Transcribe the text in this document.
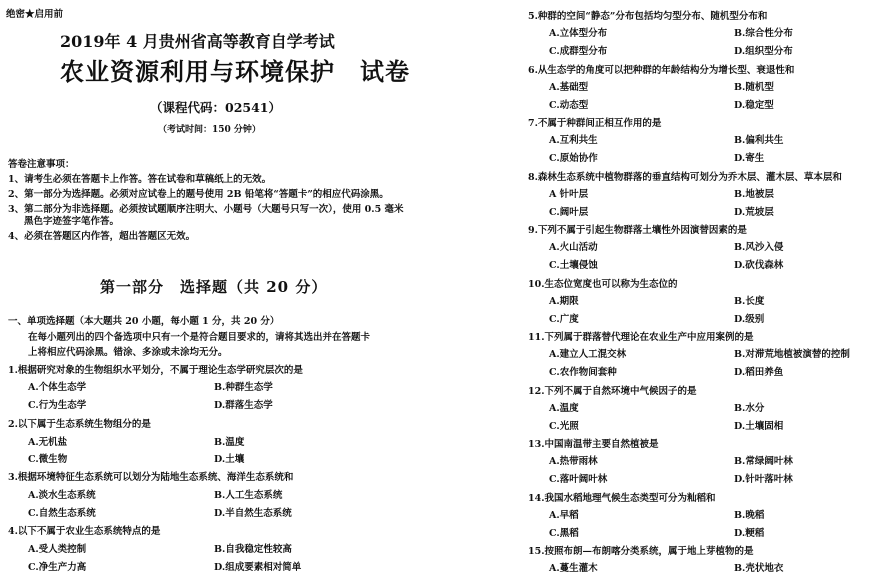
绝密★启用前
2019年 4 月贵州省高等教育自学考试
农业资源利用与环境保护　试卷
（课程代码：02541）
（考试时间：150 分钟）
答卷注意事项：
1、请考生必须在答题卡上作答。答在试卷和草稿纸上的无效。
2、第一部分为选择题。必须对应试卷上的题号使用 2B 铅笔将“答题卡”的相应代码涂黑。
3、第二部分为非选择题。必须按试题顺序注明大、小题号（大题号只写一次），使用 0.5 毫米
黑色字迹签字笔作答。
4、必须在答题区内作答，超出答题区无效。
第一部分　选择题（共 20 分）
一、单项选择题（本大题共 20 小题，每小题 1 分，共 20 分）
在每小题列出的四个备选项中只有一个是符合题目要求的，请将其选出并在答题卡
上将相应代码涂黑。错涂、多涂或未涂均无分。
1.根据研究对象的生物组织水平划分，不属于理论生态学研究层次的是
A.个体生态学	B.种群生态学
C.行为生态学	D.群落生态学
2.以下属于生态系统生物组分的是
A.无机盐	B.温度
C.微生物	D.土壤
3.根据环境特征生态系统可以划分为陆地生态系统、海洋生态系统和
A.淡水生态系统	B.人工生态系统
C.自然生态系统	D.半自然生态系统
4.以下不属于农业生态系统特点的是
A.受人类控制	B.自我稳定性较高
C.净生产力高	D.组成要素相对简单
5.种群的空间“静态”分布包括均匀型分布、随机型分布和
A.立体型分布	B.综合性分布
C.成群型分布	D.组织型分布
6.从生态学的角度可以把种群的年龄结构分为增长型、衰退性和
A.基础型	B.随机型
C.动态型	D.稳定型
7.不属于种群间正相互作用的是
A.互利共生	B.偏利共生
C.原始协作	D.寄生
8.森林生态系统中植物群落的垂直结构可划分为乔木层、灌木层、草本层和
A 针叶层	B.地被层
C.阔叶层	D.荒坡层
9.下列不属于引起生物群落土壤性外因演替因素的是
A.火山活动	B.风沙入侵
C.土壤侵蚀	D.砍伐森林
10.生态位宽度也可以称为生态位的
A.期限	B.长度
C.广度	D.级别
11.下列属于群落替代理论在农业生产中应用案例的是
A.建立人工混交林	B.对滞荒地植被演替的控制
C.农作物间套种	D.稻田养鱼
12.下列不属于自然环境中气候因子的是
A.温度	B.水分
C.光照	D.土壤固相
13.中国南温带主要自然植被是
A.热带雨林	B.常绿阔叶林
C.落叶阔叶林	D.针叶落叶林
14.我国水稻地理气候生态类型可分为籼稻和
A.早稻	B.晚稻
C.黑稻	D.粳稻
15.按照布朗—布朗喀分类系统，属于地上芽植物的是
A.蔓生灌木	B.壳状地衣
